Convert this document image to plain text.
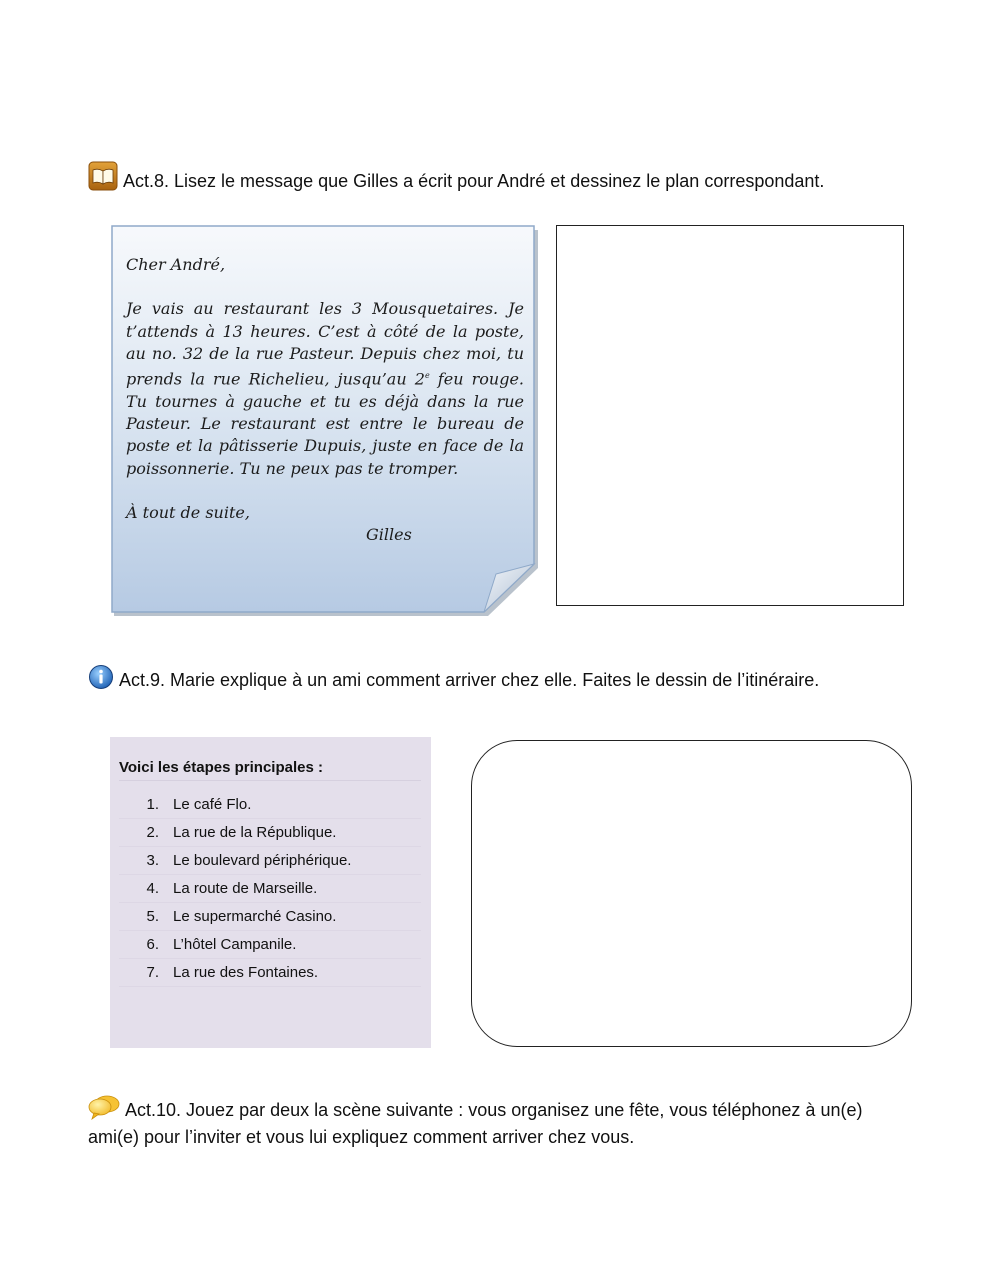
Act.8. Lisez le message que Gilles a écrit pour André et dessinez le plan correspondant.
Cher André,
Je vais au restaurant les 3 Mousquetaires. Je t’attends à 13 heures. C’est à côté de la poste, au no. 32 de la rue Pasteur. Depuis chez moi, tu prends la rue Richelieu, jusqu’au 2e feu rouge. Tu tournes à gauche et tu es déjà dans la rue Pasteur. Le restaurant est entre le bureau de poste et la pâtisserie Dupuis, juste en face de la poissonnerie. Tu ne peux pas te tromper.
À tout de suite,
Gilles
Act.9. Marie explique à un ami comment arriver chez elle. Faites le dessin de l’itinéraire.
Voici les étapes principales :
1. Le café Flo.
2. La rue de la République.
3. Le boulevard périphérique.
4. La route de Marseille.
5. Le supermarché Casino.
6. L’hôtel Campanile.
7. La rue des Fontaines.
Act.10. Jouez par deux la scène suivante : vous organisez une fête, vous téléphonez à un(e) ami(e) pour l’inviter et vous lui expliquez comment arriver chez vous.
